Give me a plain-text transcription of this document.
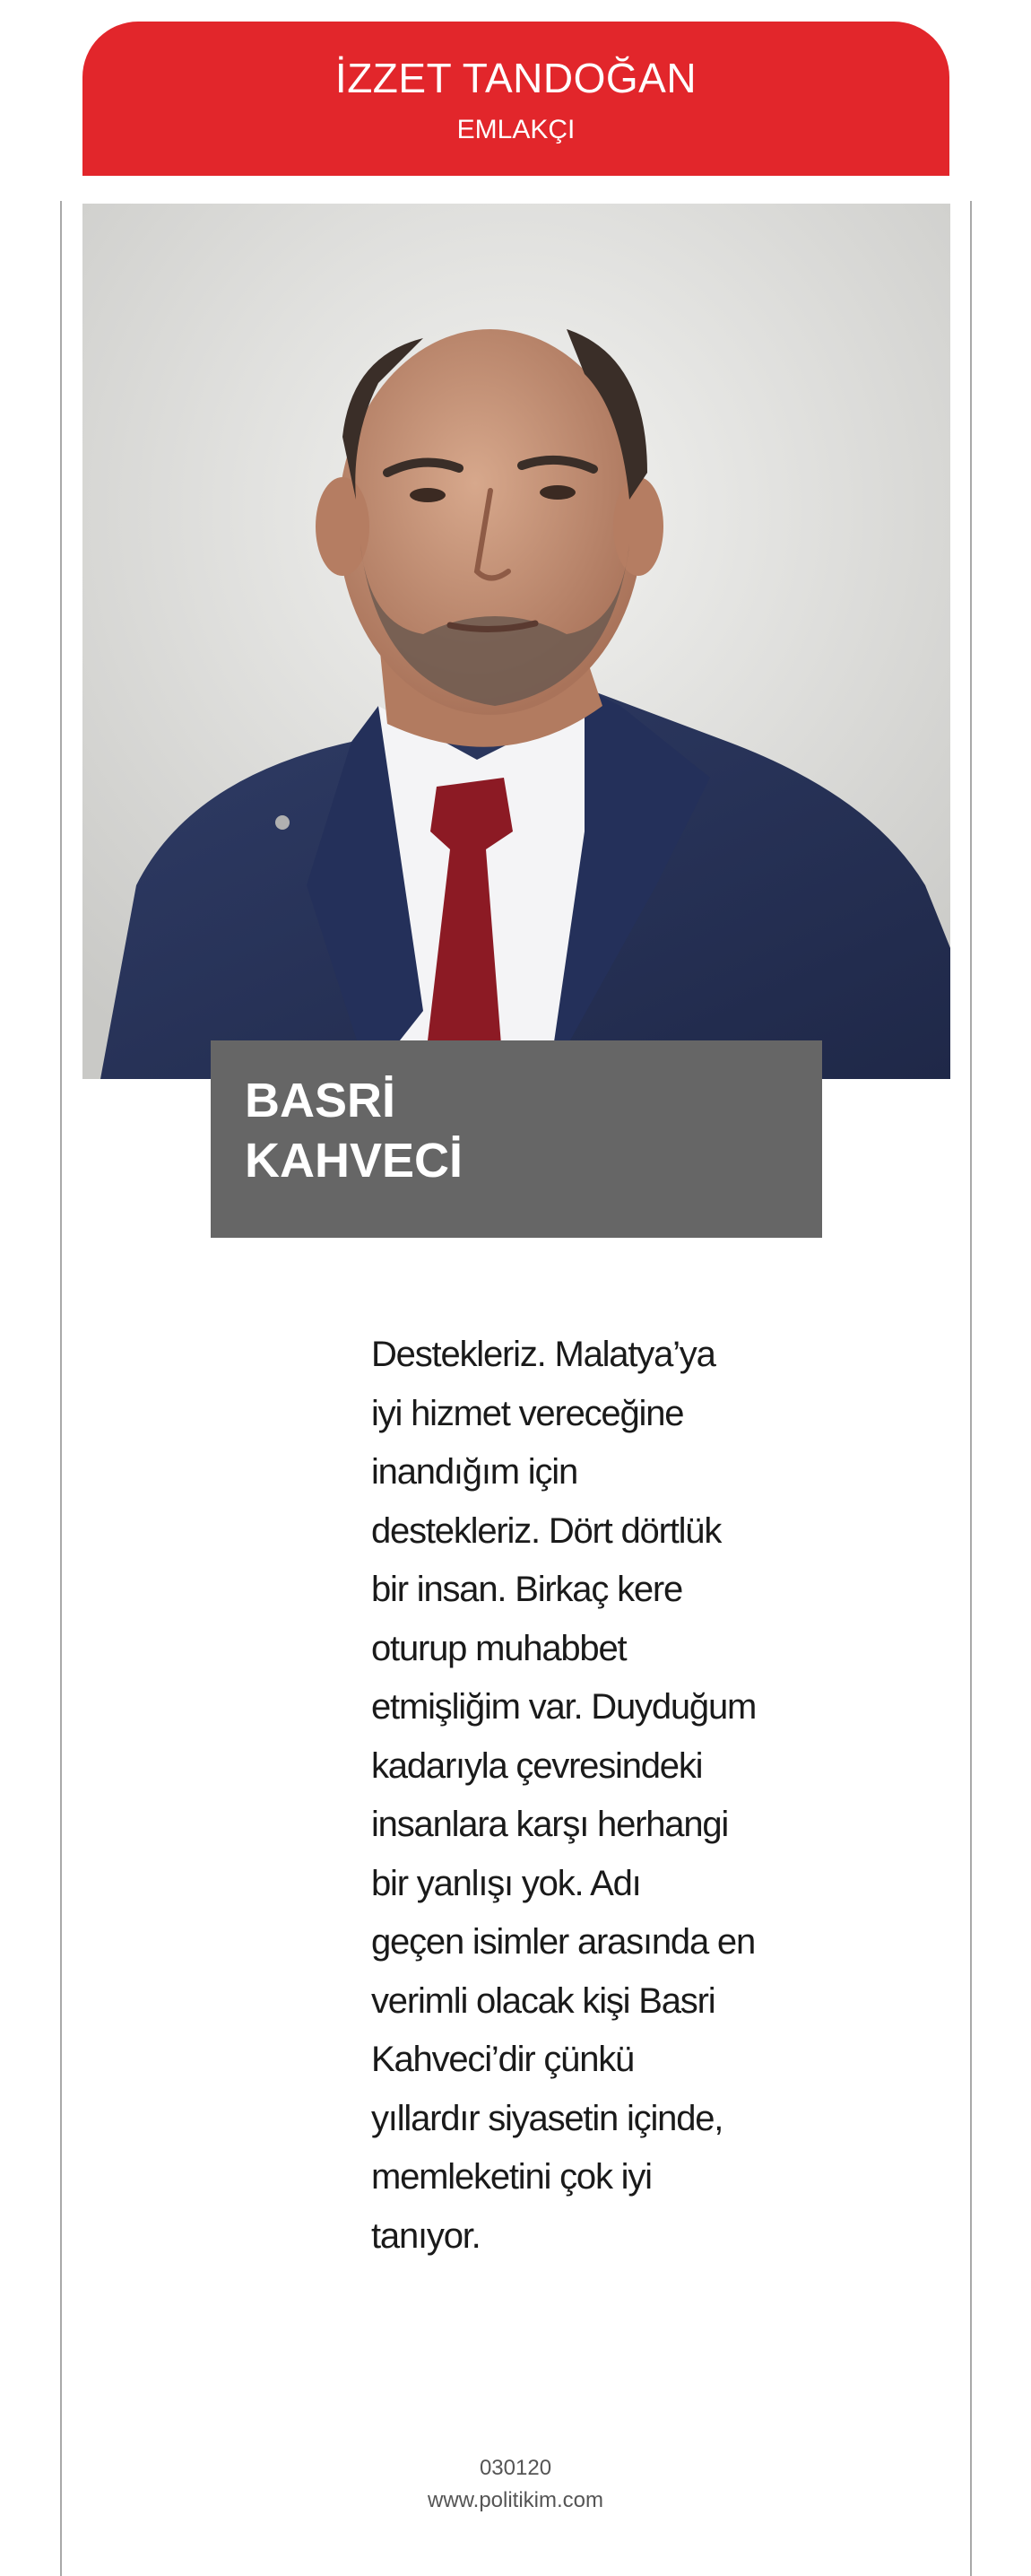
İZZET TANDOĞAN
EMLAKÇI
BASRİ
KAHVECİ
Destekleriz. Malatya’ya
iyi hizmet vereceğine
inandığım için
destekleriz. Dört dörtlük
bir insan. Birkaç kere
oturup muhabbet
etmişliğim var. Duyduğum
kadarıyla çevresindeki
insanlara karşı herhangi
bir yanlışı yok. Adı
geçen isimler arasında en
verimli olacak kişi Basri
Kahveci’dir çünkü
yıllardır siyasetin içinde,
memleketini çok iyi
tanıyor.
030120
www.politikim.com
